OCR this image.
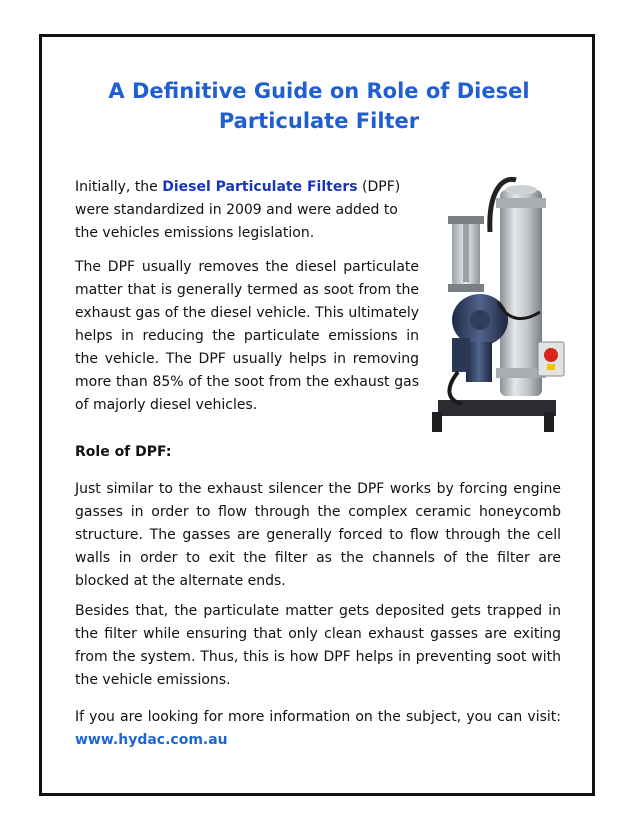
A Definitive Guide on Role of Diesel Particulate Filter

Initially, the Diesel Particulate Filters (DPF) were standardized in 2009 and were added to the vehicles emissions legislation.

The DPF usually removes the diesel particulate matter that is generally termed as soot from the exhaust gas of the diesel vehicle. This ultimately helps in reducing the particulate emissions in the vehicle. The DPF usually helps in removing more than 85% of the soot from the exhaust gas of majorly diesel vehicles.

Role of DPF:

Just similar to the exhaust silencer the DPF works by forcing engine gasses in order to flow through the complex ceramic honeycomb structure. The gasses are generally forced to flow through the cell walls in order to exit the filter as the channels of the filter are blocked at the alternate ends.

Besides that, the particulate matter gets deposited gets trapped in the filter while ensuring that only clean exhaust gasses are exiting from the system. Thus, this is how DPF helps in preventing soot with the vehicle emissions.

If you are looking for more information on the subject, you can visit: www.hydac.com.au
